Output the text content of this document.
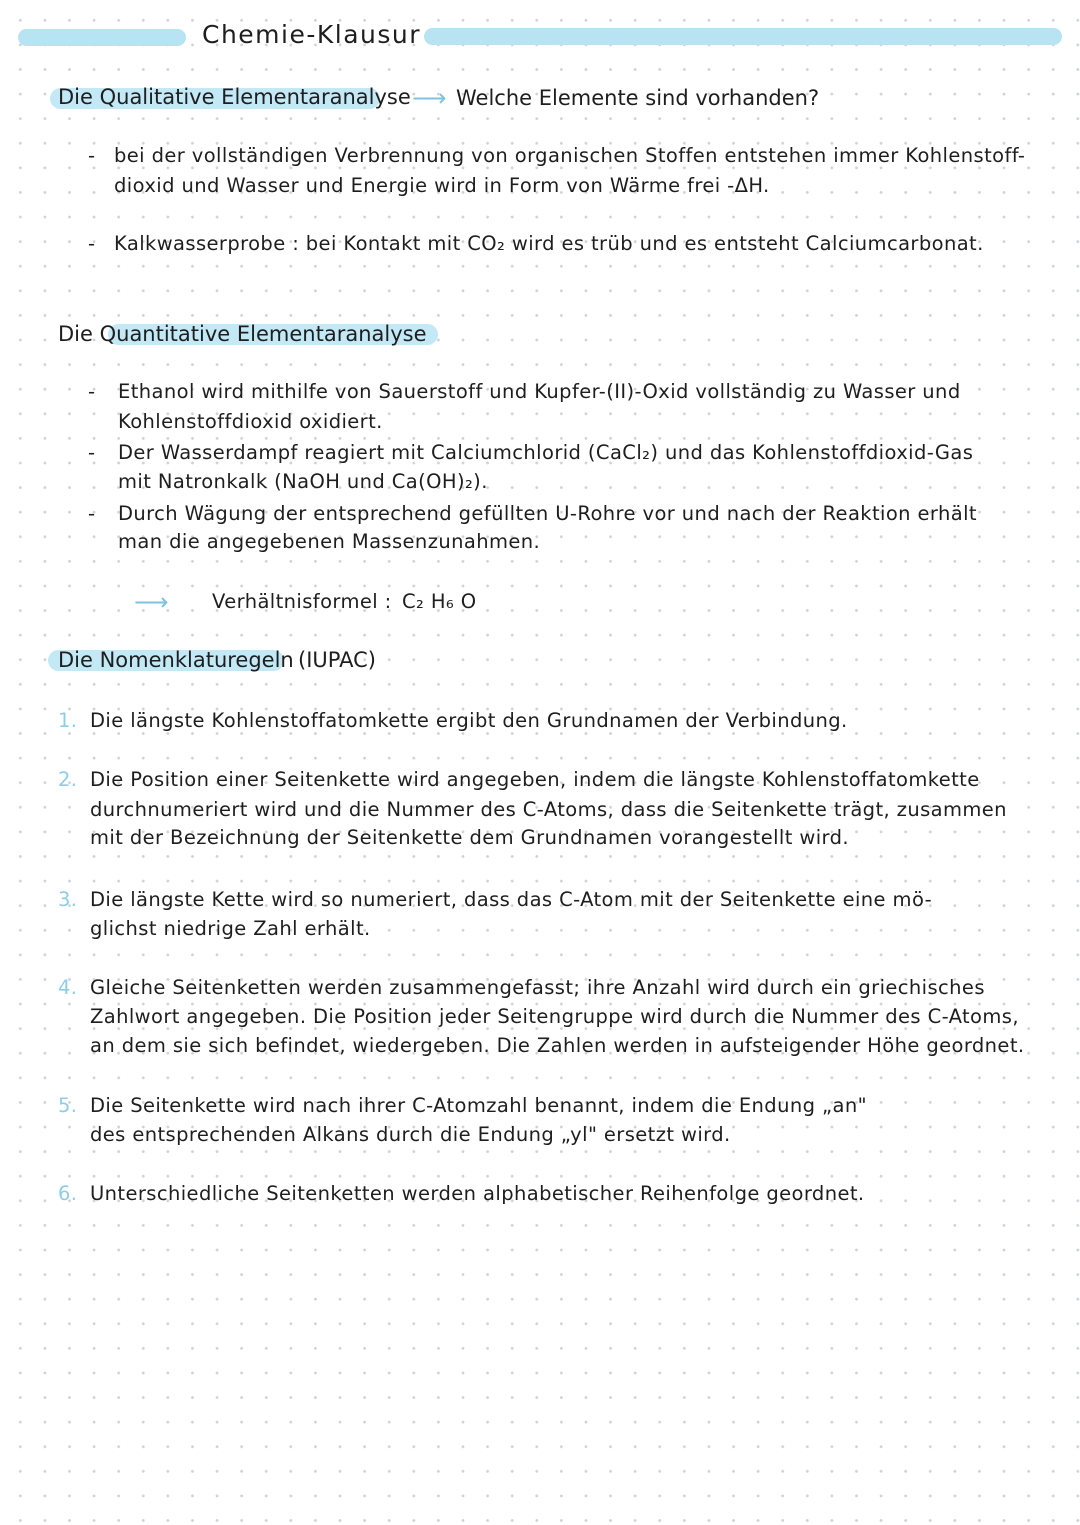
Chemie-Klausur
Die Qualitative Elementaranalyse ⟶ Welche Elemente sind vorhanden?
- bei der vollständigen Verbrennung von organischen Stoffen entstehen immer Kohlenstoff-
dioxid und Wasser und Energie wird in Form von Wärme frei -ΔH.
- Kalkwasserprobe : bei Kontakt mit CO₂ wird es trüb und es entsteht Calciumcarbonat.
Die Quantitative Elementaranalyse
- Ethanol wird mithilfe von Sauerstoff und Kupfer-(II)-Oxid vollständig zu Wasser und
Kohlenstoffdioxid oxidiert.
- Der Wasserdampf reagiert mit Calciumchlorid (CaCl₂) und das Kohlenstoffdioxid-Gas
mit Natronkalk (NaOH und Ca(OH)₂).
- Durch Wägung der entsprechend gefüllten U-Rohre vor und nach der Reaktion erhält
man die angegebenen Massenzunahmen.
⟶ Verhältnisformel : C₂ H₆ O
Die Nomenklaturegeln (IUPAC)
1. Die längste Kohlenstoffatomkette ergibt den Grundnamen der Verbindung.
2. Die Position einer Seitenkette wird angegeben, indem die längste Kohlenstoffatomkette
durchnumeriert wird und die Nummer des C-Atoms, dass die Seitenkette trägt, zusammen
mit der Bezeichnung der Seitenkette dem Grundnamen vorangestellt wird.
3. Die längste Kette wird so numeriert, dass das C-Atom mit der Seitenkette eine mö-
glichst niedrige Zahl erhält.
4. Gleiche Seitenketten werden zusammengefasst; ihre Anzahl wird durch ein griechisches
Zahlwort angegeben. Die Position jeder Seitengruppe wird durch die Nummer des C-Atoms,
an dem sie sich befindet, wiedergeben. Die Zahlen werden in aufsteigender Höhe geordnet.
5. Die Seitenkette wird nach ihrer C-Atomzahl benannt, indem die Endung „an"
des entsprechenden Alkans durch die Endung „yl" ersetzt wird.
6. Unterschiedliche Seitenketten werden alphabetischer Reihenfolge geordnet.
